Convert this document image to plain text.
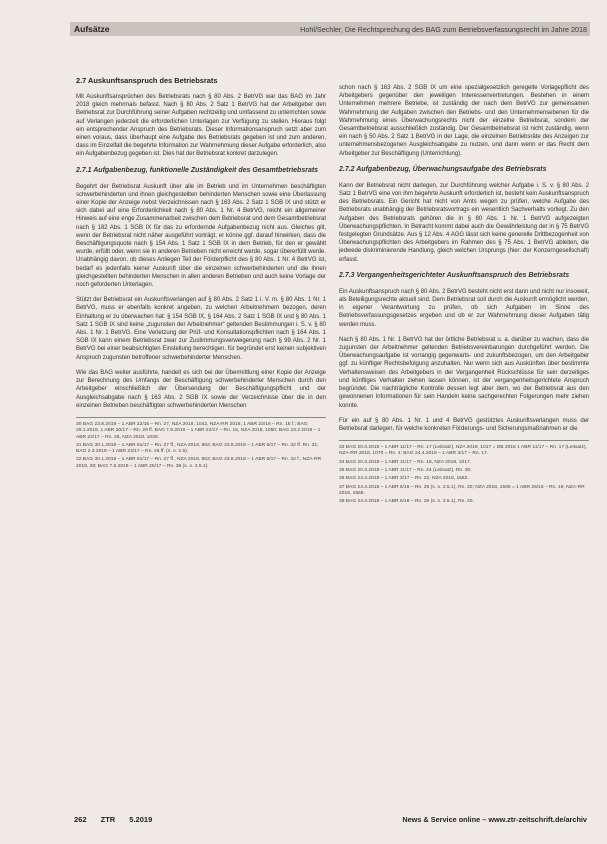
Aufsätze	Hohl/Sechler, Die Rechtsprechung des BAG zum Betriebsverfassungsrecht im Jahre 2018
2.7 Auskunftsanspruch des Betriebsrats

Mit Auskunftsansprüchen des Betriebsrats nach § 80 Abs. 2 BetrVG war das BAG im Jahr 2018 gleich mehrmals befasst. Nach § 80 Abs. 2 Satz 1 BetrVG hat der Arbeitgeber den Betriebsrat zur Durchführung seiner Aufgaben rechtzeitig und umfassend zu unterrichten sowie auf Verlangen jederzeit die erforderlichen Unterlagen zur Verfügung zu stellen. Hieraus folgt ein entsprechender Anspruch des Betriebsrats. Dieser Informationsanspruch setzt aber zum einen voraus, dass überhaupt eine Aufgabe des Betriebsrats gegeben ist und zum anderen, dass im Einzelfall die begehrte Information zur Wahrnehmung dieser Aufgabe erforderlich, also ein Aufgabenbezug gegeben ist. Dies hat der Betriebsrat konkret darzulegen.

2.7.1 Aufgabenbezug, funktionelle Zuständigkeit des Gesamtbetriebsrats

Begehrt der Betriebsrat Auskunft über alle im Betrieb und im Unternehmen beschäftigten schwerbehinderten und ihnen gleichgestellten behinderten Menschen sowie eine Überlassung einer Kopie der Anzeige nebst Verzeichnissen nach § 163 Abs. 2 Satz 1 SGB IX und stützt er sich dabei auf eine Erforderlichkeit nach § 80 Abs. 1 Nr. 4 BetrVG, reicht ein allgemeiner Hinweis auf eine enge Zusammenarbeit zwischen dem Betriebsrat und dem Gesamtbetriebsrat nach § 182 Abs. 1 SGB IX für das zu erfordernde Aufgabenbezug nicht aus. Gleiches gilt, wenn der Betriebsrat nicht näher ausgeführt vorträgt, er könne ggf. darauf hinwirken, dass die Beschäftigungsquote nach § 154 Abs. 1 Satz 1 SGB IX in dem Betrieb, für den er gewählt wurde, erfüllt oder, wenn sie in anderen Betrieben nicht erreicht werde, sogar übererfüllt werde. Unabhängig davon, ob dieses Anliegen Teil der Förderpflicht des § 80 Abs. 1 Nr. 4 BetrVG ist, bedarf es jedenfalls keiner Auskunft über die einzelnen schwerbehinderten und die ihnen gleichgestellten behinderten Menschen in allen anderen Betrieben und auch keine Vorlage der noch geforderten Unterlagen.

Stützt der Betriebsrat ein Auskunftsverlangen auf § 80 Abs. 2 Satz 1 i. V. m. § 80 Abs. 1 Nr. 1 BetrVG, muss er ebenfalls konkret angeben, zu welchen Arbeitnehmern bezogen, deren Einhaltung er zu überwachen hat: § 154 SGB IX, § 164 Abs. 2 Satz 1 SGB IX und § 80 Abs. 1 Satz 1 SGB IX sind keine „zugunsten der Arbeitnehmer“ geltenden Bestimmungen i. S. v. § 80 Abs. 1 Nr. 1 BetrVG. Eine Verletzung der Prüf- und Konsultationspflichten nach § 164 Abs. 1 SGB IX kann einem Betriebsrat zwar zur Zustimmungsverweigerung nach § 99 Abs. 2 Nr. 1 BetrVG bei einer beabsichtigten Einstellung berechtigen, für begründet erst keinen subjektiven Anspruch zugunsten betroffener schwerbehinderter Menschen.

Wie das BAG weiter ausführte, handelt es sich bei der Übermittlung einer Kopie der Anzeige zur Berechnung des Umfangs der Beschäftigung schwerbehinderter Menschen durch den Arbeitgeber einschließlich der Übersendung der Beschäftigungspflicht und der Ausgleichsabgabe nach § 163 Abs. 2 SGB IX sowie der Verzeichnisse über die in den einzelnen Betrieben beschäftigten schwerbehinderten Menschen

30 BAG 23.8.2018 – 1 ABR 22/16 – Rn. 27, NZA 2018, 1042, NZA-RR 2018, 1 ABR 22/16 – Rn. 15 f.; BAG 29.1.2019, 1 ABR 20/17 – Rn. 29 ff. BAG 7.9.2018 – 1 ABR 22/17 – Rn. 15, NZA 2018, 1050; BAG 23.2.2018 – 1 ABR 22/17 – Rn. 26, NZA 2018, 1030.
31 BAG 30.1.2018 – 1 ABR 61/17 – Rn. 27 ff., NZA 2018, 862; BAG 23.8.2018 – 1 ABR 6/17 – Rn. 32 ff. Rn. 31; BAG 2.3.2018 – 1 ABR 23/17 – Rn. 26 ff. (s. o. 2.5).
32 BAG 30.1.2018 – 1 ABR 61/17 – Rn. 27 ff., NZA 2018, 862; BAG 23.8.2018 – 1 ABR 6/17 – Rn. 32 f., NZA-RR 2019, 29; BAG 7.5.2019 – 1 ABR 25/17 – Rn. 38 (s. o. 2.5.1).

schon nach § 163 Abs. 2 SGB IX um eine spezialgesetzlich geregelte Vorlagepflicht des Arbeitgebers gegenüber den jeweiligen Interessenvertretungen. Bestehen in einem Unternehmen mehrere Betriebe, ist zuständig der nach dem BetrVG zur gemeinsamen Wahrnehmung der Aufgaben zwischen den Betriebs- und den Unternehmensebenen für die Wahrnehmung eines Überwachungsrechts nicht der einzelne Betriebsrat, sondern der Gesamtbetriebsrat ausschließlich zuständig. Der Gesamtbetriebsrat ist nicht zuständig, wenn ein nach § 50 Abs. 2 Satz 1 BetrVG in der Lage, die einzelnen Betriebsräte des Anzeigen zur unternehmensbezogenen Ausgleichsabgabe zu nutzen, und dann wenn er das Recht dem Arbeitgeber zur Beschäftigung (Unterrichtung).

2.7.2 Aufgabenbezug, Überwachungsaufgabe des Betriebsrats

Kann der Betriebsrat nicht darlegen, zur Durchführung welcher Aufgabe i. S. v. § 80 Abs. 2 Satz 1 BetrVG eine von ihm begehrte Auskunft erforderlich ist, besteht kein Auskunftsanspruch des Betriebsrats. Ein Gericht hat nicht von Amts wegen zu prüfen, welche Aufgabe des Betriebsrats unabhängig der Betriebsratsvortrags ein wesentlich Sachverhalts vorliegt. Zu den Aufgaben des Betriebsrats gehören die in § 80 Abs. 1 Nr. 1 BetrVG aufgezeigten Überwachungspflichten. In Betracht kommt dabei auch die Gewährleistung der in § 75 BetrVG festgelegten Grundsätze. Aus § 12 Abs. 4 AGG lässt sich keine generelle Drittbezogenheit von Überwachungspflichten des Arbeitgebers im Rahmen des § 75 Abs. 1 BetrVG ableiten, die jedwede diskriminierende Handlung, gleich welchen Ursprungs (hier: der Konzerngesellschaft) erfasst.

2.7.3 Vergangenheitsgerichteter Auskunftsanspruch des Betriebsrats

Ein Auskunftsanspruch nach § 80 Abs. 2 BetrVG besteht nicht erst dann und nicht nur insoweit, als Beteiligungsrechte aktuell sind. Dem Betriebsrat soll durch die Auskunft ermöglicht werden, in eigener Verantwortung zu prüfen, ob sich Aufgaben im Sinne des Betriebsverfassungsgesetzes ergeben und ob er zur Wahrnehmung dieser Aufgaben tätig werden muss.

Nach § 80 Abs. 1 Nr. 1 BetrVG hat der örtliche Betriebsrat u. a. darüber zu wachen, dass die zugunsten der Arbeitnehmer geltenden Betriebsvereinbarungen durchgeführt werden. Die Überwachungsaufgabe ist vorrangig gegenwarts- und zukunftsbezogen, um den Arbeitgeber ggf. zu künftiger Rechtsbefolgung anzuhalten. Nur wenn sich aus Auskünften über bestimmte Verhaltensweisen des Arbeitgebers in der Vergangenheit Rückschlüsse für sein derzeitiges und künftiges Verhalten ziehen lassen können, ist der vergangenheitsgerichtete Anspruch begründet. Die nachträgliche Kontrolle dessen legt aber dem, wo der Betriebsrat aus den gewonnenen Informationen für sein Handeln keine sachgerechten Folgerungen mehr ziehen konnte.

Für ein auf § 80 Abs. 1 Nr. 1 und 4 BetrVG gestütztes Auskunftsverlangen muss der Betriebsrat darlegen, für welche konkreten Förderungs- und Sicherungsmaßnahmen er die

33 BAG 20.3.2018 – 1 ABR 11/17 – Rn. 17 (Leitsatz), NZA 2018, 1017 = DB 2018 1 ABR 11/17 – Rn. 17 (Leitsatz), NZA-RR 2018, 1070 = Rn. 4; BAG 24.4.2018 – 1 ABR 3/17 – Rn. 17.
34 BAG 20.3.2018 – 1 ABR 11/17 – Rn. 18, NZA 2018, 1017.
35 BAG 20.3.2018 – 1 ABR 11/17 – Rn. 24 (Leitsatz), Rn. 30.
36 BAG 24.4.2018 – 1 ABR 3/17 – Rn. 22, NZA 2018, 1562.
37 BAG 24.4.2018 – 1 ABR 6/16 – Rn. 25 (s. o. 2.5.1), Rn. 30; NZA 2018, 1565 = 1 ABR 25/16 – Rn. 19, NZA-RR 2018, 1565.
38 BAG 24.4.2018 – 1 ABR 6/16 – Rn. 26 (s. o. 2.5.1), Rn. 20.
262 ZTR 5.2019	News & Service online – www.ztr-zeitschrift.de/archiv
